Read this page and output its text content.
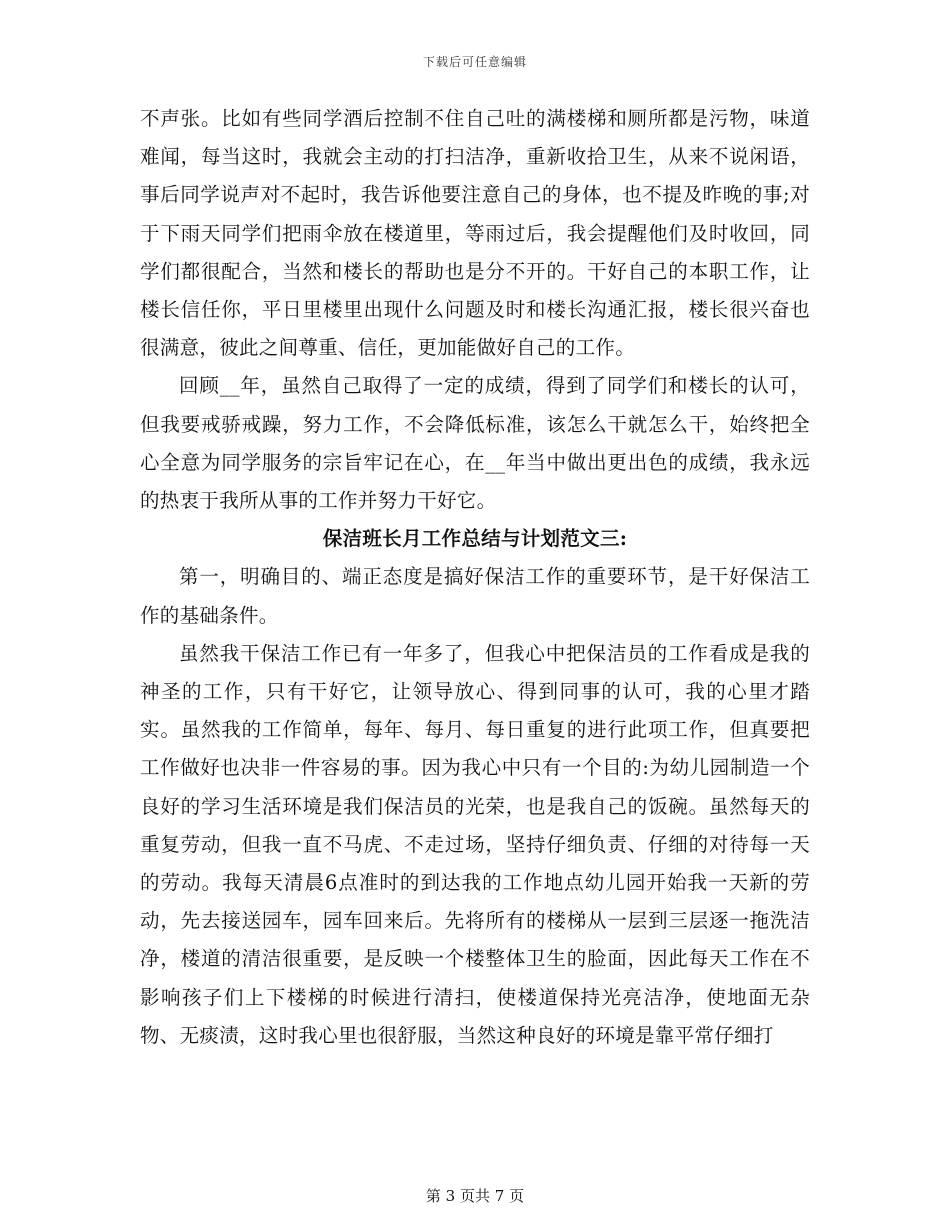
下载后可任意编辑

不声张。比如有些同学酒后控制不住自己吐的满楼梯和厕所都是污物，味道难闻，每当这时，我就会主动的打扫洁净，重新收拾卫生，从来不说闲语，事后同学说声对不起时，我告诉他要注意自己的身体，也不提及昨晚的事;对于下雨天同学们把雨伞放在楼道里，等雨过后，我会提醒他们及时收回，同学们都很配合，当然和楼长的帮助也是分不开的。干好自己的本职工作，让楼长信任你，平日里楼里出现什么问题及时和楼长沟通汇报，楼长很兴奋也很满意，彼此之间尊重、信任，更加能做好自己的工作。

回顾__年，虽然自己取得了一定的成绩，得到了同学们和楼长的认可，但我要戒骄戒躁，努力工作，不会降低标准，该怎么干就怎么干，始终把全心全意为同学服务的宗旨牢记在心，在__年当中做出更出色的成绩，我永远的热衷于我所从事的工作并努力干好它。

保洁班长月工作总结与计划范文三:

第一，明确目的、端正态度是搞好保洁工作的重要环节，是干好保洁工作的基础条件。

虽然我干保洁工作已有一年多了，但我心中把保洁员的工作看成是我的神圣的工作，只有干好它，让领导放心、得到同事的认可，我的心里才踏实。虽然我的工作简单，每年、每月、每日重复的进行此项工作，但真要把工作做好也决非一件容易的事。因为我心中只有一个目的:为幼儿园制造一个良好的学习生活环境是我们保洁员的光荣，也是我自己的饭碗。虽然每天的重复劳动，但我一直不马虎、不走过场，坚持仔细负责、仔细的对待每一天的劳动。我每天清晨6点准时的到达我的工作地点幼儿园开始我一天新的劳动，先去接送园车，园车回来后。先将所有的楼梯从一层到三层逐一拖洗洁净，楼道的清洁很重要，是反映一个楼整体卫生的脸面，因此每天工作在不影响孩子们上下楼梯的时候进行清扫，使楼道保持光亮洁净，使地面无杂物、无痰渍，这时我心里也很舒服，当然这种良好的环境是靠平常仔细打

第 3 页共 7 页
